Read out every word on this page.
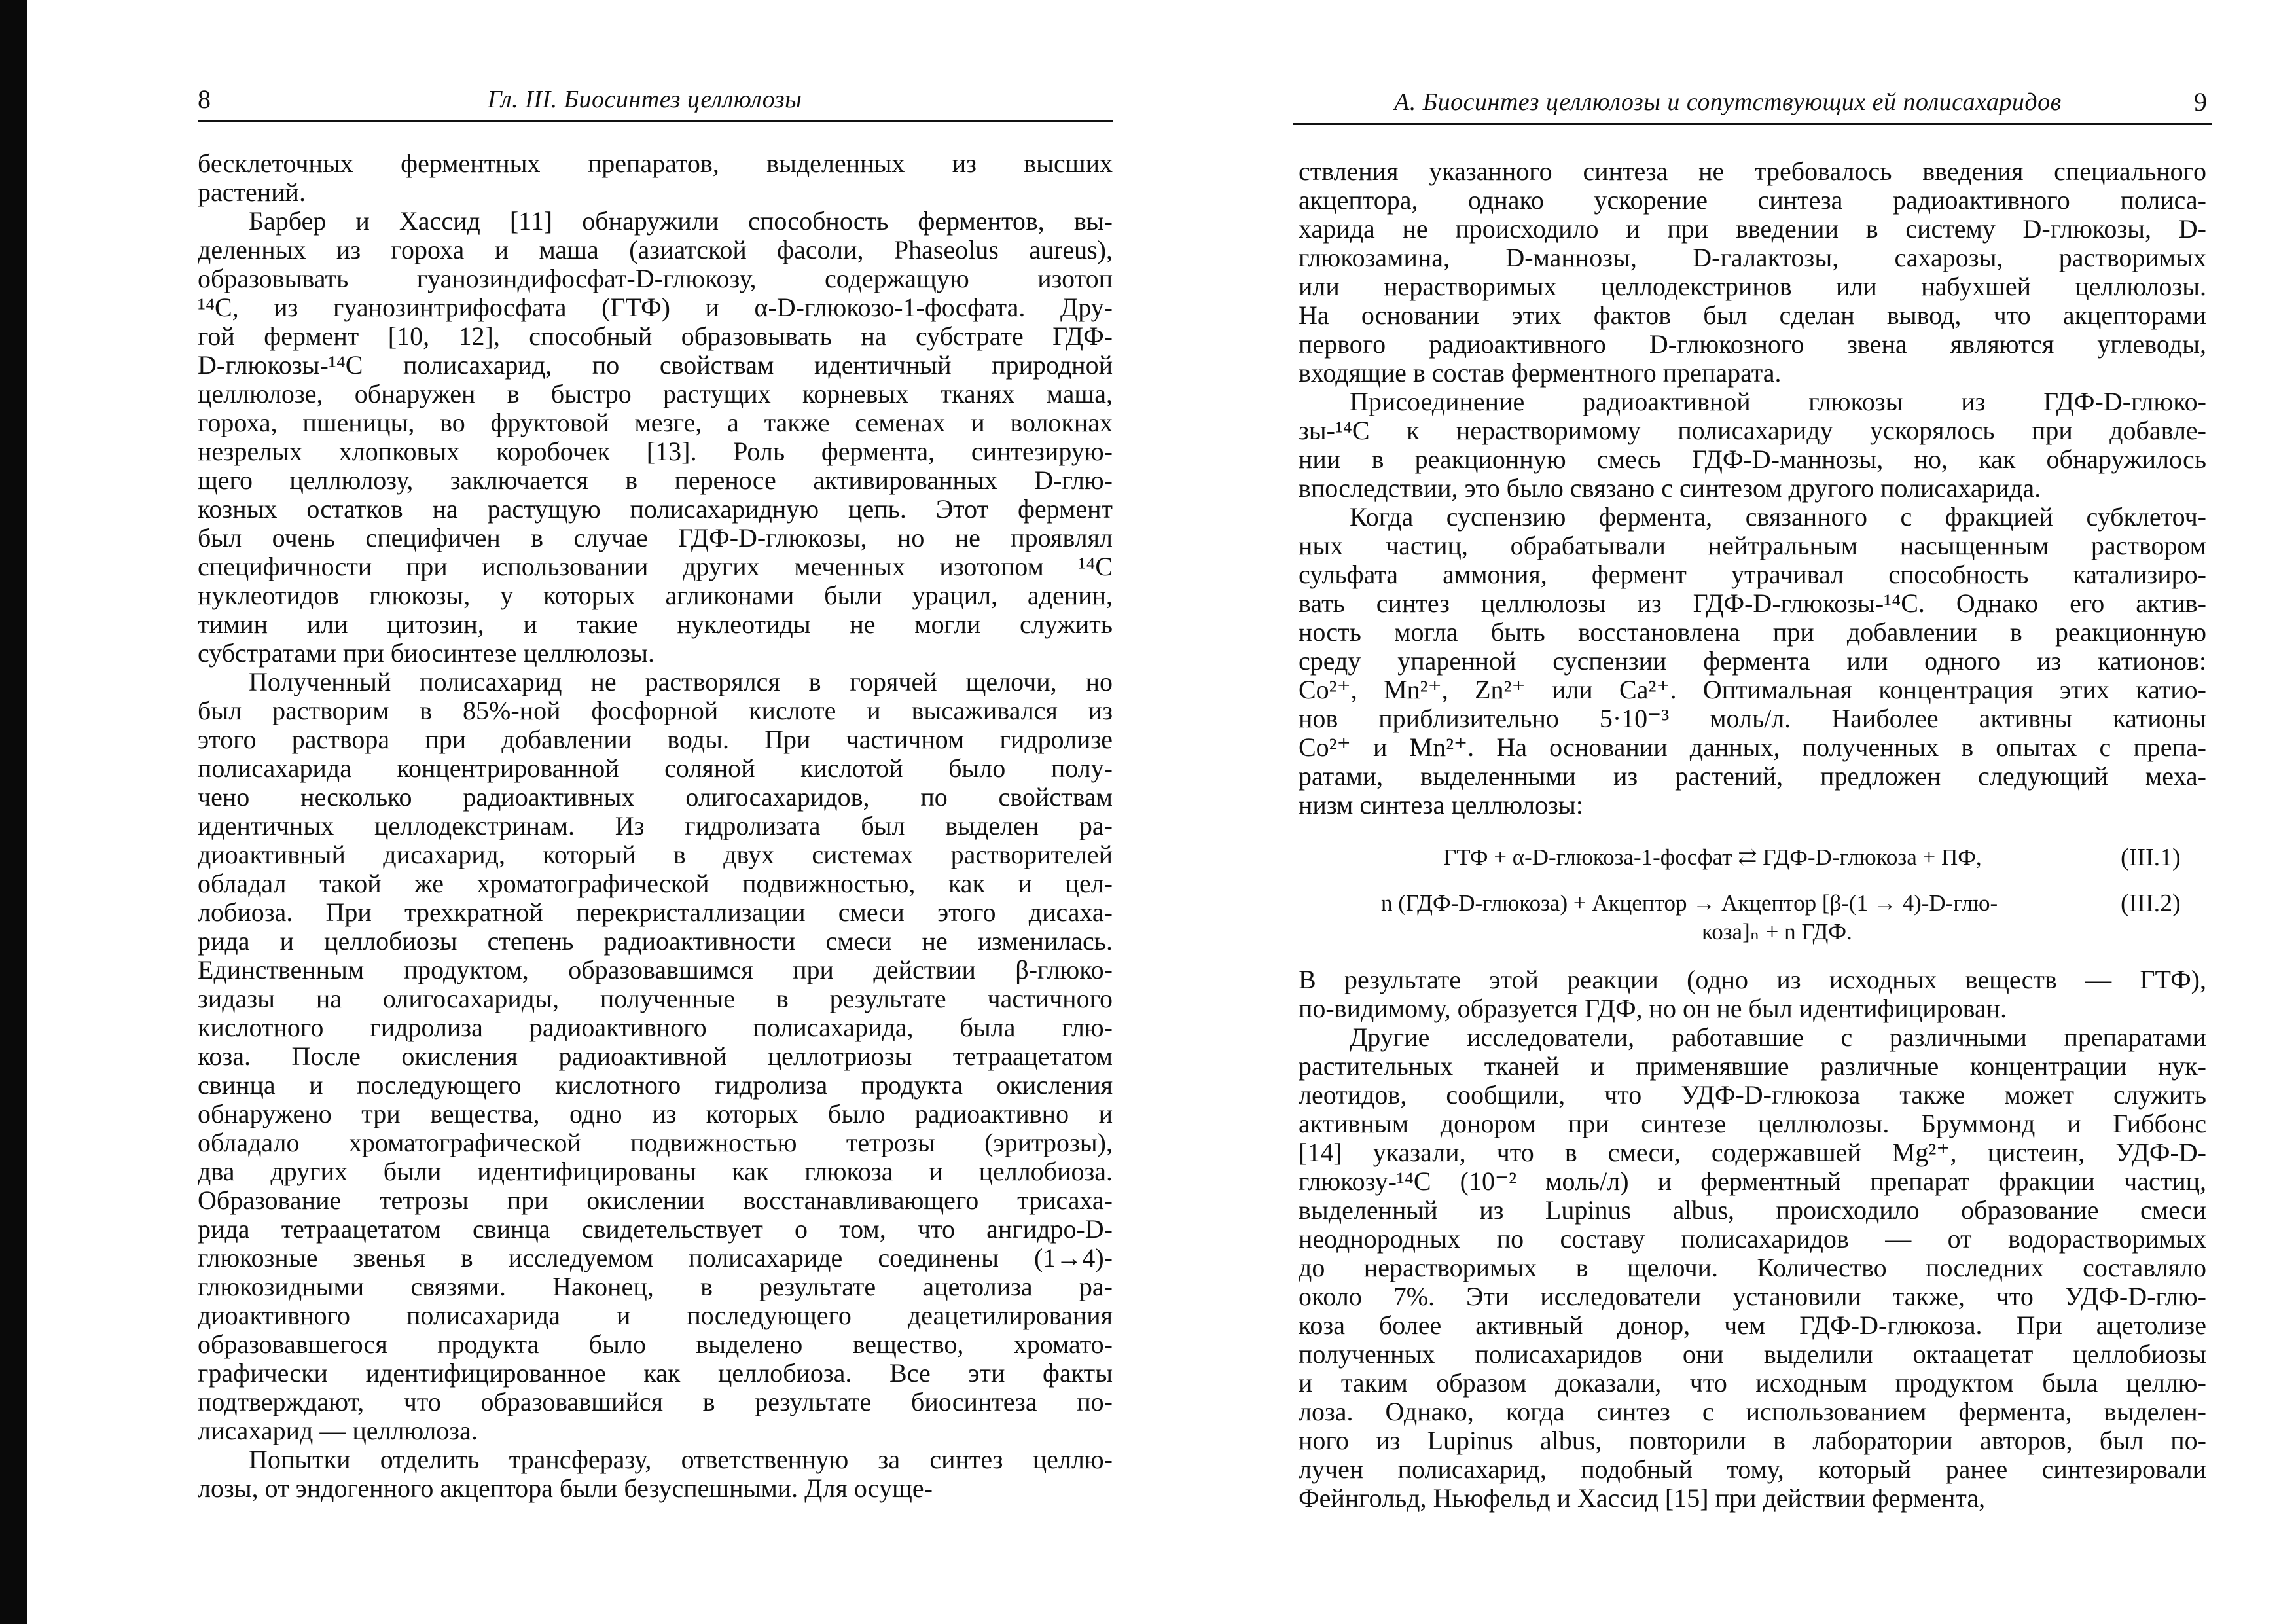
8	Гл. III. Биосинтез целлюлозы
бесклеточных ферментных препаратов, выделенных из высших
растений.
Барбер и Хассид [11] обнаружили способность ферментов, вы-
деленных из гороха и маша (азиатской фасоли, Phaseolus aureus),
образовывать гуанозиндифосфат-D-глюкозу, содержащую изотоп
¹⁴C, из гуанозинтрифосфата (ГТФ) и α-D-глюкозо-1-фосфата. Дру-
гой фермент [10, 12], способный образовывать на субстрате ГДФ-
D-глюкозы-¹⁴C полисахарид, по свойствам идентичный природной
целлюлозе, обнаружен в быстро растущих корневых тканях маша,
гороха, пшеницы, во фруктовой мезге, а также семенах и волокнах
незрелых хлопковых коробочек [13]. Роль фермента, синтезирую-
щего целлюлозу, заключается в переносе активированных D-глю-
козных остатков на растущую полисахаридную цепь. Этот фермент
был очень специфичен в случае ГДФ-D-глюкозы, но не проявлял
специфичности при использовании других меченных изотопом ¹⁴C
нуклеотидов глюкозы, у которых агликонами были урацил, аденин,
тимин или цитозин, и такие нуклеотиды не могли служить
субстратами при биосинтезе целлюлозы.
Полученный полисахарид не растворялся в горячей щелочи, но
был растворим в 85%-ной фосфорной кислоте и высаживался из
этого раствора при добавлении воды. При частичном гидролизе
полисахарида концентрированной соляной кислотой было полу-
чено несколько радиоактивных олигосахаридов, по свойствам
идентичных целлодекстринам. Из гидролизата был выделен ра-
диоактивный дисахарид, который в двух системах растворителей
обладал такой же хроматографической подвижностью, как и цел-
лобиоза. При трехкратной перекристаллизации смеси этого дисаха-
рида и целлобиозы степень радиоактивности смеси не изменилась.
Единственным продуктом, образовавшимся при действии β-глюко-
зидазы на олигосахариды, полученные в результате частичного
кислотного гидролиза радиоактивного полисахарида, была глю-
коза. После окисления радиоактивной целлотриозы тетраацетатом
свинца и последующего кислотного гидролиза продукта окисления
обнаружено три вещества, одно из которых было радиоактивно и
обладало хроматографической подвижностью тетрозы (эритрозы),
два других были идентифицированы как глюкоза и целлобиоза.
Образование тетрозы при окислении восстанавливающего трисаха-
рида тетраацетатом свинца свидетельствует о том, что ангидро-D-
глюкозные звенья в исследуемом полисахариде соединены (1→4)-
глюкозидными связями. Наконец, в результате ацетолиза ра-
диоактивного полисахарида и последующего деацетилирования
образовавшегося продукта было выделено вещество, хромато-
графически идентифицированное как целлобиоза. Все эти факты
подтверждают, что образовавшийся в результате биосинтеза по-
лисахарид — целлюлоза.
Попытки отделить трансферазу, ответственную за синтез целлю-
лозы, от эндогенного акцептора были безуспешными. Для осуще-
А. Биосинтез целлюлозы и сопутствующих ей полисахаридов	9
ствления указанного синтеза не требовалось введения специального
акцептора, однако ускорение синтеза радиоактивного полиса-
харида не происходило и при введении в систему D-глюкозы, D-
глюкозамина, D-маннозы, D-галактозы, сахарозы, растворимых
или нерастворимых целлодекстринов или набухшей целлюлозы.
На основании этих фактов был сделан вывод, что акцепторами
первого радиоактивного D-глюкозного звена являются углеводы,
входящие в состав ферментного препарата.
Присоединение радиоактивной глюкозы из ГДФ-D-глюко-
зы-¹⁴C к нерастворимому полисахариду ускорялось при добавле-
нии в реакционную смесь ГДФ-D-маннозы, но, как обнаружилось
впоследствии, это было связано с синтезом другого полисахарида.
Когда суспензию фермента, связанного с фракцией субклеточ-
ных частиц, обрабатывали нейтральным насыщенным раствором
сульфата аммония, фермент утрачивал способность катализиро-
вать синтез целлюлозы из ГДФ-D-глюкозы-¹⁴C. Однако его актив-
ность могла быть восстановлена при добавлении в реакционную
среду упаренной суспензии фермента или одного из катионов:
Co²⁺, Mn²⁺, Zn²⁺ или Ca²⁺. Оптимальная концентрация этих катио-
нов приблизительно 5·10⁻³ моль/л. Наиболее активны катионы
Co²⁺ и Mn²⁺. На основании данных, полученных в опытах с препа-
ратами, выделенными из растений, предложен следующий меха-
низм синтеза целлюлозы:
ГТФ + α-D-глюкоза-1-фосфат ⇄ ГДФ-D-глюкоза + ПФ,	(III.1)
n (ГДФ-D-глюкоза) + Акцептор → Акцептор [β-(1 → 4)-D-глю-
коза]ₙ + n ГДФ.
(III.2)
В результате этой реакции (одно из исходных веществ — ГТФ),
по-видимому, образуется ГДФ, но он не был идентифицирован.
Другие исследователи, работавшие с различными препаратами
растительных тканей и применявшие различные концентрации нук-
леотидов, сообщили, что УДФ-D-глюкоза также может служить
активным донором при синтезе целлюлозы. Бруммонд и Гиббонс
[14] указали, что в смеси, содержавшей Mg²⁺, цистеин, УДФ-D-
глюкозу-¹⁴C (10⁻² моль/л) и ферментный препарат фракции частиц,
выделенный из Lupinus albus, происходило образование смеси
неоднородных по составу полисахаридов — от водорастворимых
до нерастворимых в щелочи. Количество последних составляло
около 7%. Эти исследователи установили также, что УДФ-D-глю-
коза более активный донор, чем ГДФ-D-глюкоза. При ацетолизе
полученных полисахаридов они выделили октаацетат целлобиозы
и таким образом доказали, что исходным продуктом была целлю-
лоза. Однако, когда синтез с использованием фермента, выделен-
ного из Lupinus albus, повторили в лаборатории авторов, был по-
лучен полисахарид, подобный тому, который ранее синтезировали
Фейнгольд, Ньюфельд и Хассид [15] при действии фермента,
